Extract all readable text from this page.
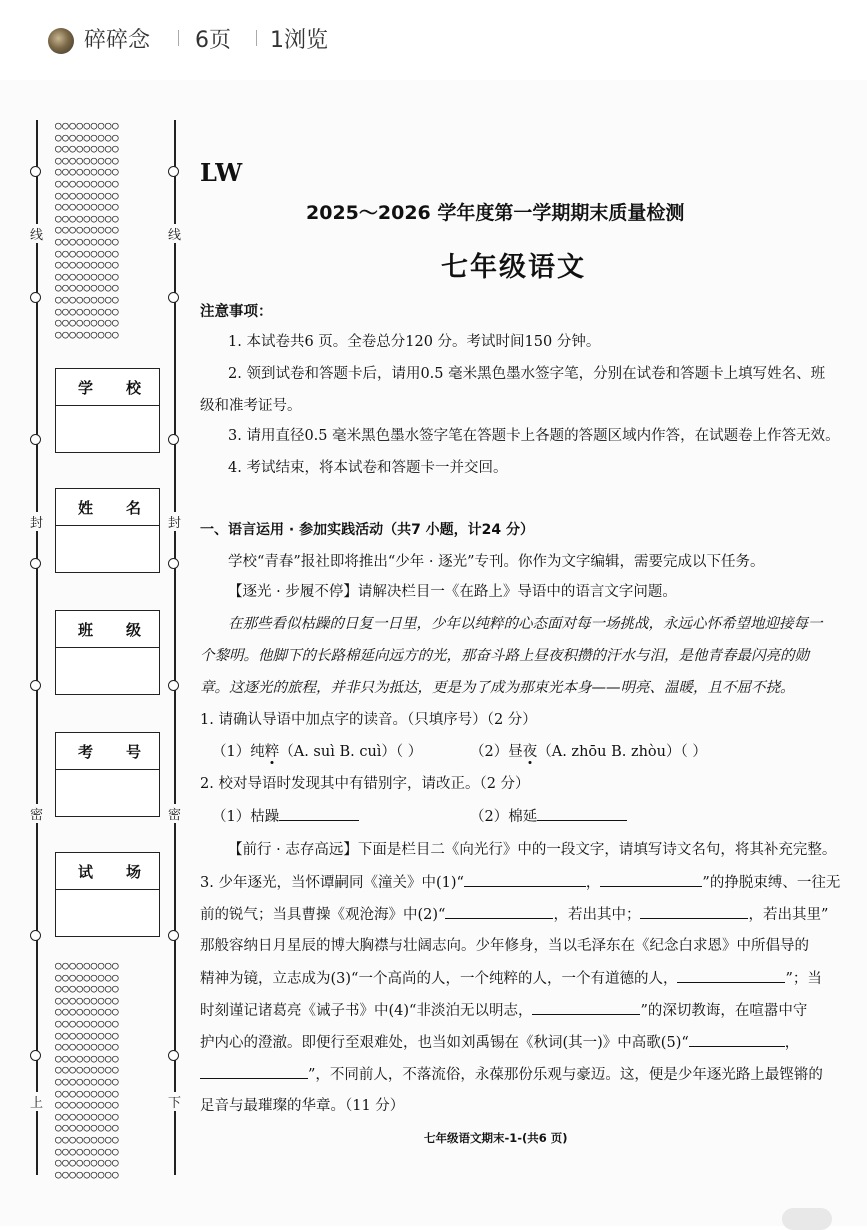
碎碎念 6页 1浏览
线	线
封	封
密	密
上	下
○○○○○○○○○
○○○○○○○○○
○○○○○○○○○
○○○○○○○○○
○○○○○○○○○
○○○○○○○○○
○○○○○○○○○
○○○○○○○○○
○○○○○○○○○
○○○○○○○○○
○○○○○○○○○
○○○○○○○○○
○○○○○○○○○
○○○○○○○○○
○○○○○○○○○
○○○○○○○○○
○○○○○○○○○
○○○○○○○○○
○○○○○○○○○
○○○○○○○○○
○○○○○○○○○
○○○○○○○○○
○○○○○○○○○
○○○○○○○○○
○○○○○○○○○
○○○○○○○○○
○○○○○○○○○
○○○○○○○○○
○○○○○○○○○
○○○○○○○○○
○○○○○○○○○
○○○○○○○○○
○○○○○○○○○
○○○○○○○○○
○○○○○○○○○
○○○○○○○○○
○○○○○○○○○
○○○○○○○○○
学 校
姓 名
班 级
考 号
试 场
LW
2025～2026 学年度第一学期期末质量检测
七年级语文
注意事项：
1. 本试卷共6 页。全卷总分120 分。考试时间150 分钟。
2. 领到试卷和答题卡后，请用0.5 毫米黑色墨水签字笔，分别在试卷和答题卡上填写姓名、班
级和准考证号。
3. 请用直径0.5 毫米黑色墨水签字笔在答题卡上各题的答题区域内作答，在试题卷上作答无效。
4. 考试结束，将本试卷和答题卡一并交回。
一、语言运用 · 参加实践活动（共7 小题，计24 分）
学校“青春”报社即将推出“少年 · 逐光”专刊。你作为文字编辑，需要完成以下任务。
【逐光 · 步履不停】请解决栏目一《在路上》导语中的语言文字问题。
在那些看似枯躁的日复一日里，少年以纯粹的心态面对每一场挑战，永远心怀希望地迎接每一
个黎明。他脚下的长路棉延向远方的光，那奋斗路上昼夜积攒的汗水与泪，是他青春最闪亮的勋
章。这逐光的旅程，并非只为抵达，更是为了成为那束光本身——明亮、温暖，且不屈不挠。
1. 请确认导语中加点字的读音。（只填序号）（2 分）
（1）纯粹（A. suì B. cuì）（ ）	（2）昼夜（A. zhōu B. zhòu）（ ）
2. 校对导语时发现其中有错别字，请改正。（2 分）
（1）枯躁	（2）棉延
【前行 · 志存高远】下面是栏目二《向光行》中的一段文字，请填写诗文名句，将其补充完整。
3. 少年逐光，当怀谭嗣同《潼关》中(1)“	，	”的挣脱束缚、一往无
前的锐气；当具曹操《观沧海》中(2)“	，若出其中；	，若出其里”
那般容纳日月星辰的博大胸襟与壮阔志向。少年修身，当以毛泽东在《纪念白求恩》中所倡导的
精神为镜，立志成为(3)“一个高尚的人，一个纯粹的人，一个有道德的人，	”；当
时刻谨记诸葛亮《诫子书》中(4)“非淡泊无以明志，	”的深切教诲，在喧嚣中守
护内心的澄澈。即便行至艰难处，也当如刘禹锡在《秋词(其一)》中高歌(5)“	，
”，不同前人，不落流俗，永葆那份乐观与豪迈。这，便是少年逐光路上最铿锵的
足音与最璀璨的华章。（11 分）
七年级语文期末-1-(共6 页)
